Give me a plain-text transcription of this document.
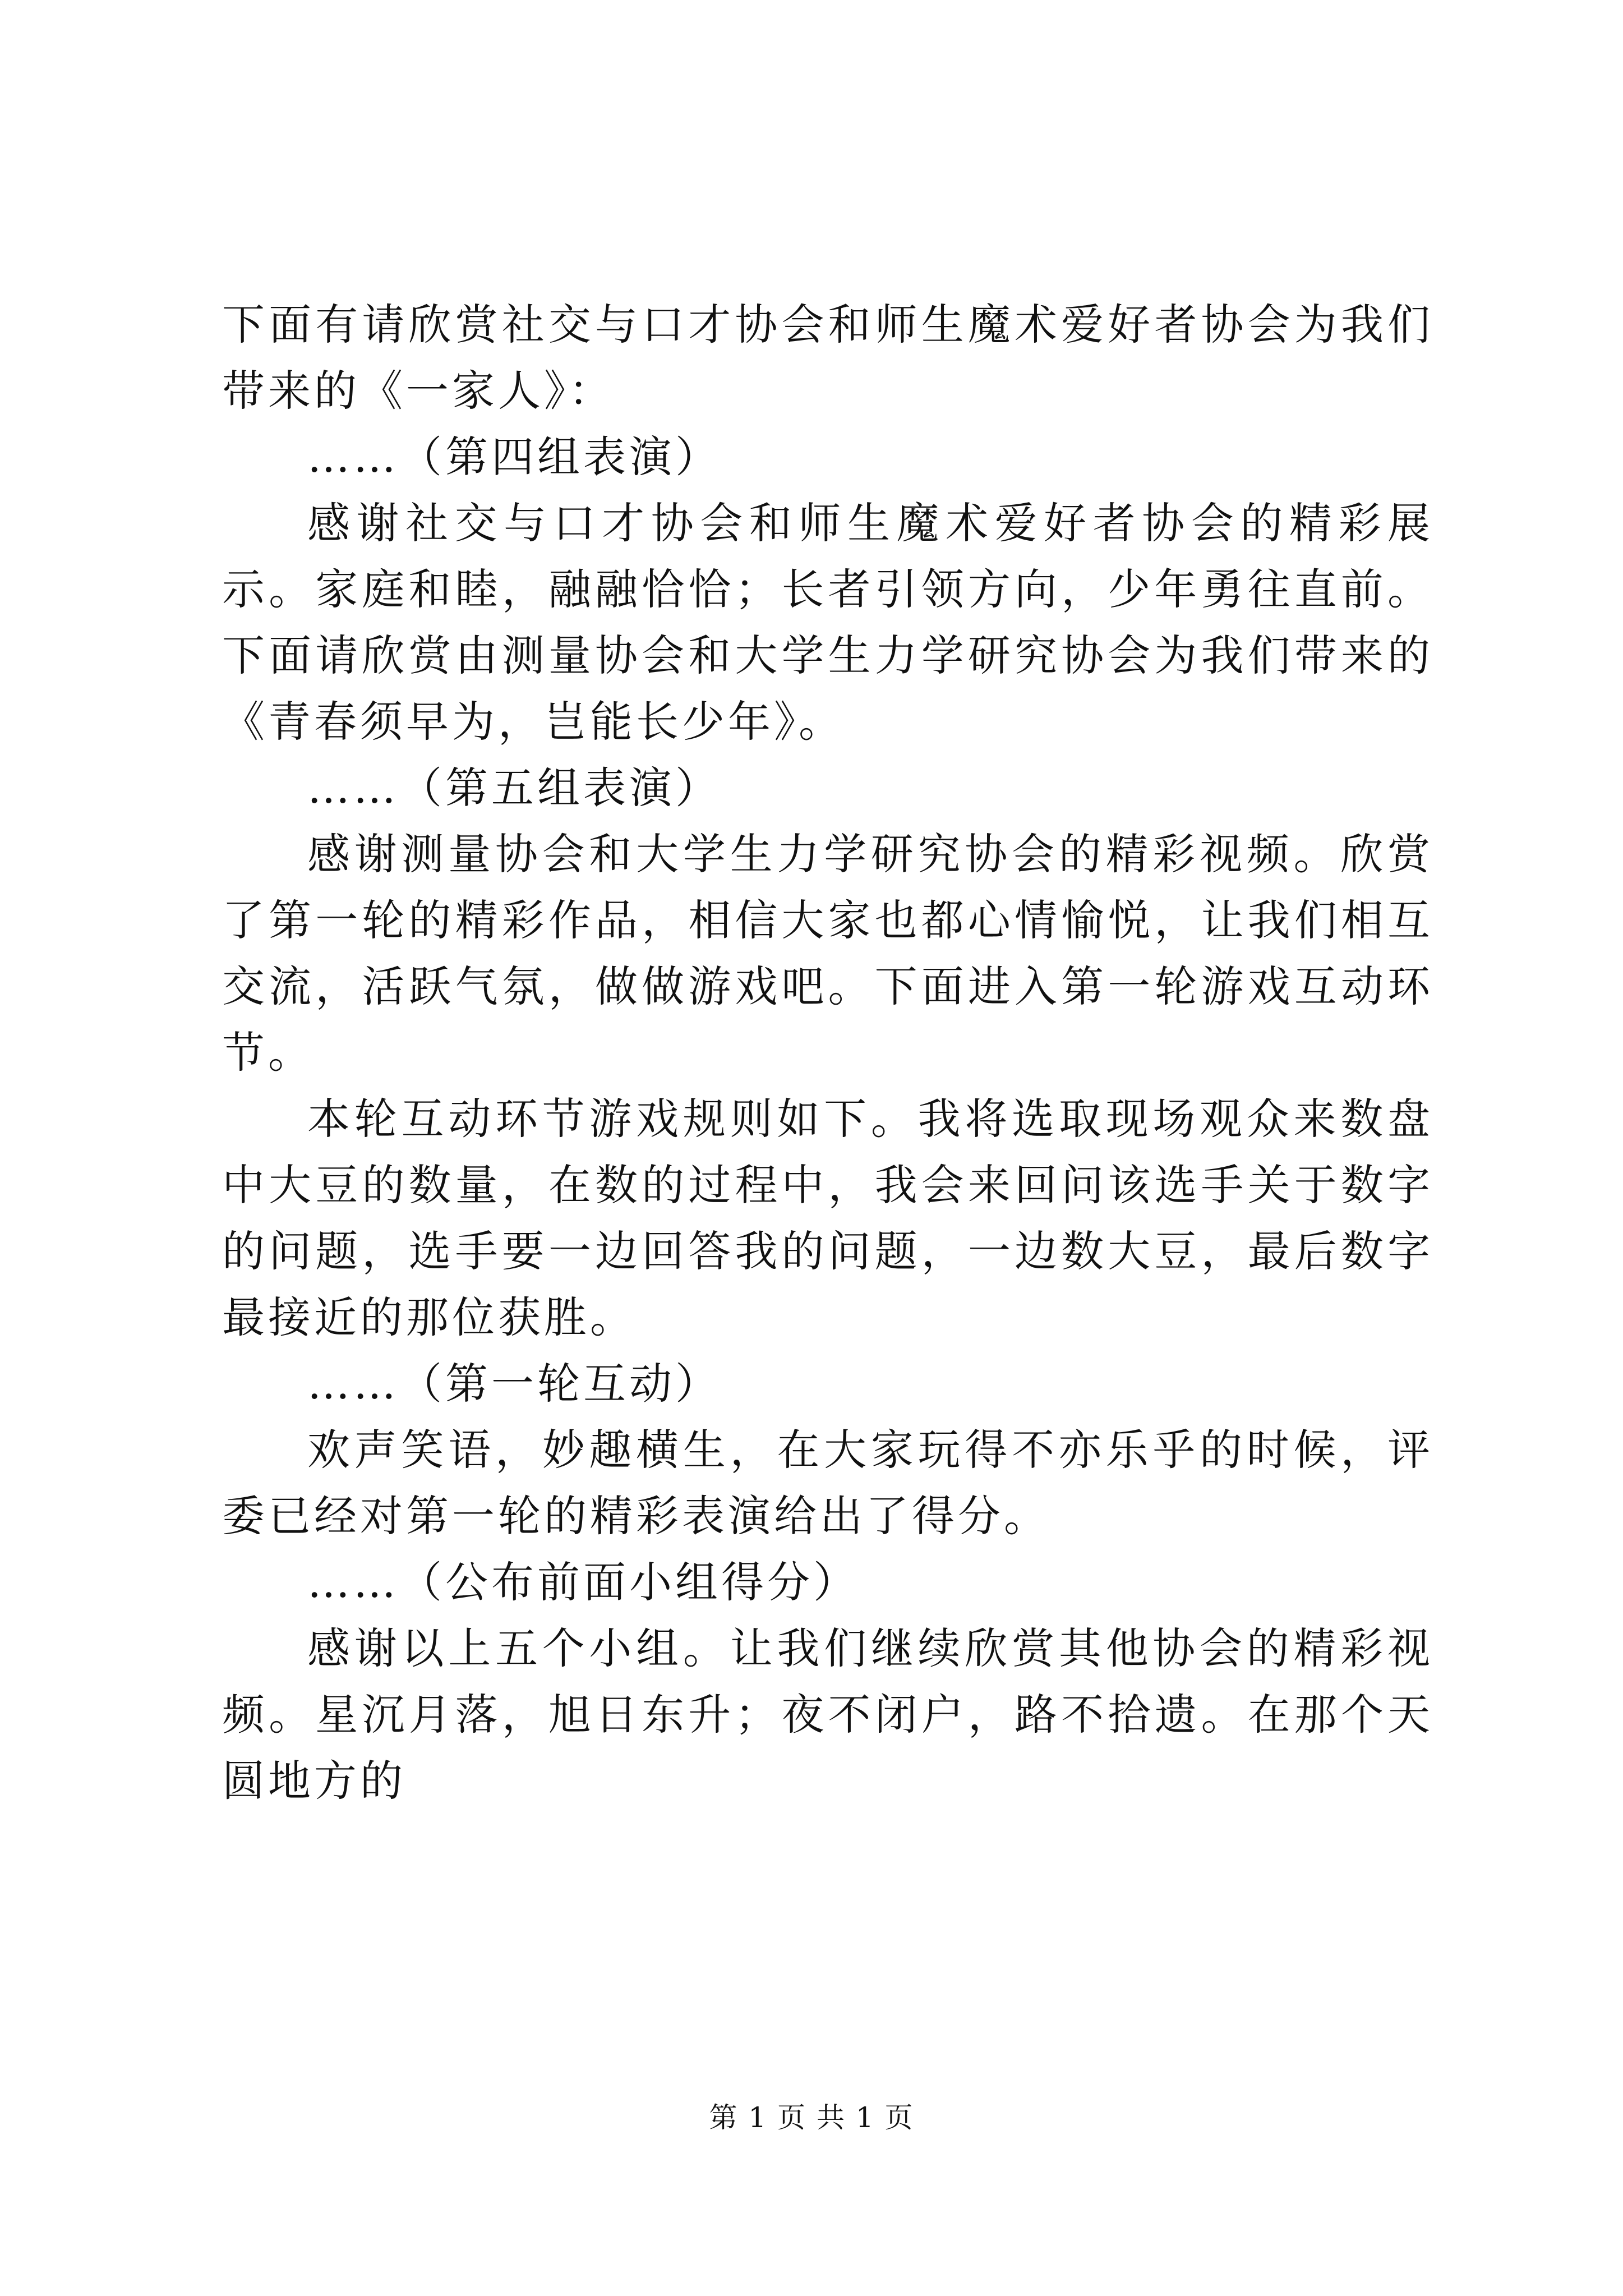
下面有请欣赏社交与口才协会和师生魔术爱好者协会为我们带来的《一家人》：

……（第四组表演）

感谢社交与口才协会和师生魔术爱好者协会的精彩展示。家庭和睦，融融恰恰；长者引领方向，少年勇往直前。下面请欣赏由测量协会和大学生力学研究协会为我们带来的《青春须早为，岂能长少年》。

……（第五组表演）

感谢测量协会和大学生力学研究协会的精彩视频。欣赏了第一轮的精彩作品，相信大家也都心情愉悦，让我们相互交流，活跃气氛，做做游戏吧。下面进入第一轮游戏互动环节。

本轮互动环节游戏规则如下。我将选取现场观众来数盘中大豆的数量，在数的过程中，我会来回问该选手关于数字的问题，选手要一边回答我的问题，一边数大豆，最后数字最接近的那位获胜。

……（第一轮互动）

欢声笑语，妙趣横生，在大家玩得不亦乐乎的时候，评委已经对第一轮的精彩表演给出了得分。

……（公布前面小组得分）

感谢以上五个小组。让我们继续欣赏其他协会的精彩视频。星沉月落，旭日东升；夜不闭户，路不拾遗。在那个天圆地方的

第 1 页 共 1 页
